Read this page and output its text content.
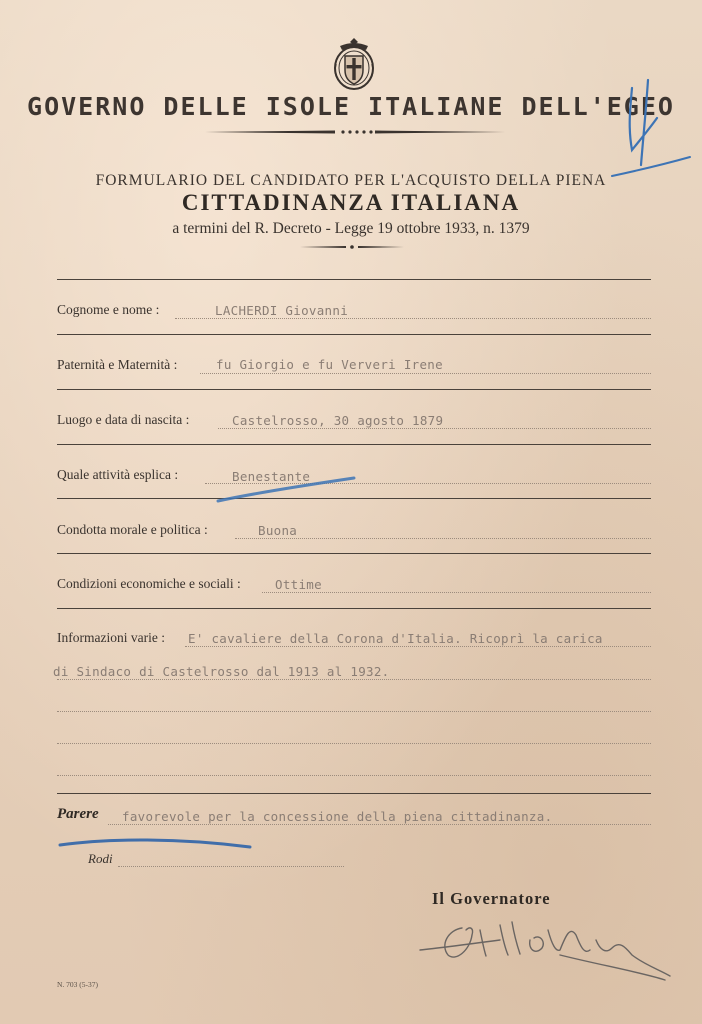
GOVERNO DELLE ISOLE ITALIANE DELL'EGEO
FORMULARIO DEL CANDIDATO PER L'ACQUISTO DELLA PIENA
CITTADINANZA ITALIANA
a termini del R. Decreto - Legge 19 ottobre 1933, n. 1379
Cognome e nome :	LACHERDI Giovanni
Paternità e Maternità :	fu Giorgio e fu Ververi Irene
Luogo e data di nascita :	Castelrosso, 30 agosto 1879
Quale attività esplica :	Benestante
Condotta morale e politica :	Buona
Condizioni economiche e sociali :	Ottime
Informazioni varie : E' cavaliere della Corona d'Italia. Ricoprì la carica
di Sindaco di Castelrosso dal 1913 al 1932.
Parere favorevole per la concessione della piena cittadinanza.
Rodi
Il Governatore
N. 703 (5-37)
